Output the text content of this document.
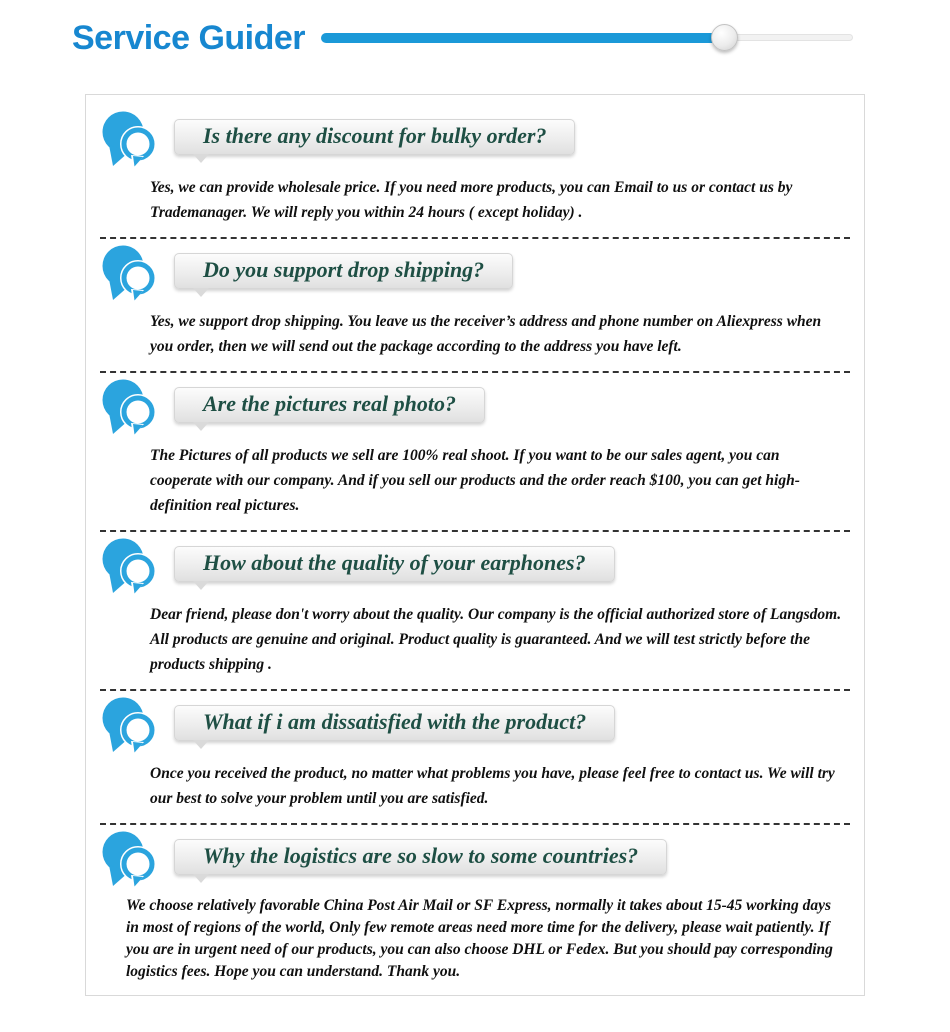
Service Guider
Is there any discount for bulky order?

Yes, we can provide wholesale price. If you need more products, you can Email to us or contact us by Trademanager. We will reply you within 24 hours ( except holiday) .

Do you support drop shipping?

Yes, we support drop shipping. You leave us the receiver’s address and phone number on Aliexpress when you order, then we will send out the package according to the address you have left.

Are the pictures real photo?

The Pictures of all products we sell are 100% real shoot. If you want to be our sales agent, you can cooperate with our company. And if you sell our products and the order reach $100, you can get high-definition real pictures.

How about the quality of your earphones?

Dear friend, please don't worry about the quality. Our company is the official authorized store of Langsdom. All products are genuine and original. Product quality is guaranteed. And we will test strictly before the products shipping .

What if i am dissatisfied with the product?

Once you received the product, no matter what problems you have, please feel free to contact us. We will try our best to solve your problem until you are satisfied.

Why the logistics are so slow to some countries?

We choose relatively favorable China Post Air Mail or SF Express, normally it takes about 15-45 working days in most of regions of the world, Only few remote areas need more time for the delivery, please wait patiently. If you are in urgent need of our products, you can also choose DHL or Fedex. But you should pay corresponding logistics fees. Hope you can understand. Thank you.
